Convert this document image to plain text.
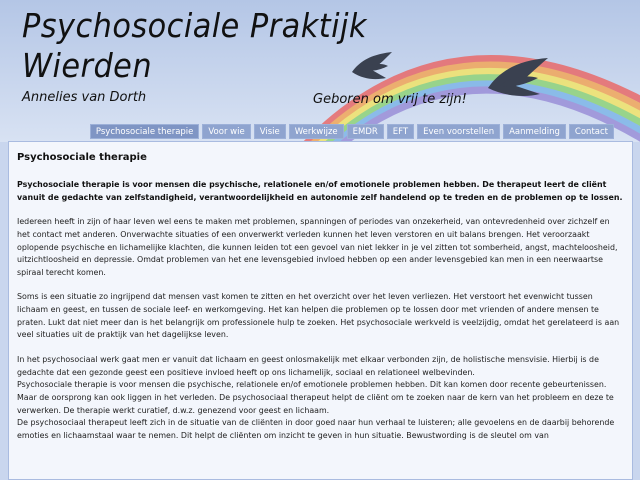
Psychosociale Praktijk
Wierden
Annelies van Dorth	Geboren om vrij te zijn!
Psychosociale therapie	Voor wie	Visie	Werkwijze	EMDR	EFT	Even voorstellen	Aanmelding	Contact
Psychosociale therapie

Psychosociale therapie is voor mensen die psychische, relationele en/of emotionele problemen hebben. De therapeut leert de cliënt vanuit de gedachte van zelfstandigheid, verantwoordelijkheid en autonomie zelf handelend op te treden en de problemen op te lossen.

Iedereen heeft in zijn of haar leven wel eens te maken met problemen, spanningen of periodes van onzekerheid, van ontevredenheid over zichzelf en het contact met anderen. Onverwachte situaties of een onverwerkt verleden kunnen het leven verstoren en uit balans brengen. Het veroorzaakt oplopende psychische en lichamelijke klachten, die kunnen leiden tot een gevoel van niet lekker in je vel zitten tot somberheid, angst, machteloosheid, uitzichtloosheid en depressie. Omdat problemen van het ene levensgebied invloed hebben op een ander levensgebied kan men in een neerwaartse spiraal terecht komen.

Soms is een situatie zo ingrijpend dat mensen vast komen te zitten en het overzicht over het leven verliezen. Het verstoort het evenwicht tussen lichaam en geest, en tussen de sociale leef- en werkomgeving. Het kan helpen die problemen op te lossen door met vrienden of andere mensen te praten. Lukt dat niet meer dan is het belangrijk om professionele hulp te zoeken. Het psychosociale werkveld is veelzijdig, omdat het gerelateerd is aan veel situaties uit de praktijk van het dagelijkse leven.

In het psychosociaal werk gaat men er vanuit dat lichaam en geest onlosmakelijk met elkaar verbonden zijn, de holistische mensvisie. Hierbij is de gedachte dat een gezonde geest een positieve invloed heeft op ons lichamelijk, sociaal en relationeel welbevinden.
Psychosociale therapie is voor mensen die psychische, relationele en/of emotionele problemen hebben. Dit kan komen door recente gebeurtenissen. Maar de oorsprong kan ook liggen in het verleden. De psychosociaal therapeut helpt de cliënt om te zoeken naar de kern van het probleem en deze te verwerken. De therapie werkt curatief, d.w.z. genezend voor geest en lichaam.
De psychosociaal therapeut leeft zich in de situatie van de cliënten in door goed naar hun verhaal te luisteren; alle gevoelens en de daarbij behorende emoties en lichaamstaal waar te nemen. Dit helpt de cliënten om inzicht te geven in hun situatie. Bewustwording is de sleutel om van
